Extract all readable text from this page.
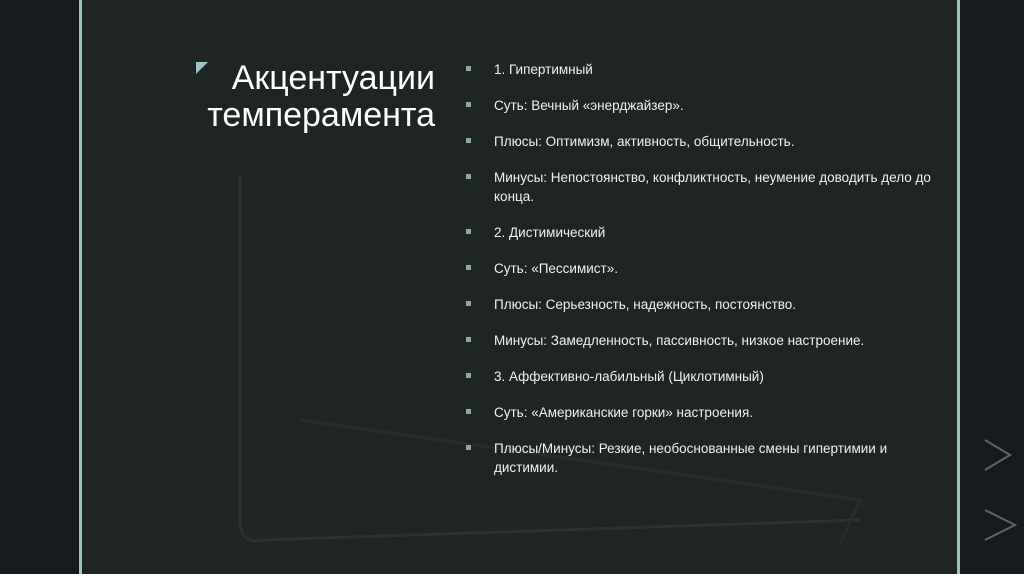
Акцентуации
темперамента
1. Гипертимный
Суть: Вечный «энерджайзер».
Плюсы: Оптимизм, активность, общительность.
Минусы: Непостоянство, конфликтность, неумение доводить дело до конца.
2. Дистимический
Суть: «Пессимист».
Плюсы: Серьезность, надежность, постоянство.
Минусы: Замедленность, пассивность, низкое настроение.
3. Аффективно-лабильный (Циклотимный)
Суть: «Американские горки» настроения.
Плюсы/Минусы: Резкие, необоснованные смены гипертимии и дистимии.
